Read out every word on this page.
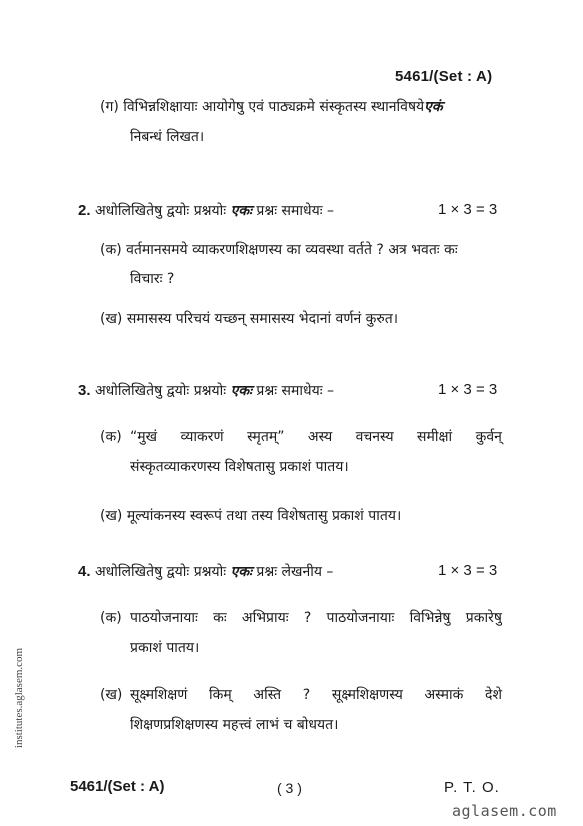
5461/(Set : A)
(ग) विभिन्नशिक्षायाः आयोगेषु एवं पाठ्यक्रमे संस्कृतस्य स्थानविषयेएकं
निबन्धं लिखत।
2. अधोलिखितेषु द्वयोः प्रश्नयोः एकः प्रश्नः समाधेयः –	1 × 3 = 3
(क) वर्तमानसमये व्याकरणशिक्षणस्य का व्यवस्था वर्तते ? अत्र भवतः कः
विचारः ?
(ख) समासस्य परिचयं यच्छन् समासस्य भेदानां वर्णनं कुरुत।
3. अधोलिखितेषु द्वयोः प्रश्नयोः एकः प्रश्नः समाधेयः –	1 × 3 = 3
(क) “मुखं व्याकरणं स्मृतम्” अस्य वचनस्य समीक्षां कुर्वन्
संस्कृतव्याकरणस्य विशेषतासु प्रकाशं पातय।
(ख) मूल्यांकनस्य स्वरूपं तथा तस्य विशेषतासु प्रकाशं पातय।
4. अधोलिखितेषु द्वयोः प्रश्नयोः एकः प्रश्नः लेखनीय –	1 × 3 = 3
(क) पाठयोजनायाः कः अभिप्रायः ? पाठयोजनायाः विभिन्नेषु प्रकारेषु
प्रकाशं पातय।
(ख) सूक्ष्मशिक्षणं किम् अस्ति ? सूक्ष्मशिक्षणस्य अस्माकं देशे
शिक्षणप्रशिक्षणस्य महत्त्वं लाभं च बोधयत।
5461/(Set : A)	( 3 )	P. T. O.
aglasem.com
institutes.aglasem.com
